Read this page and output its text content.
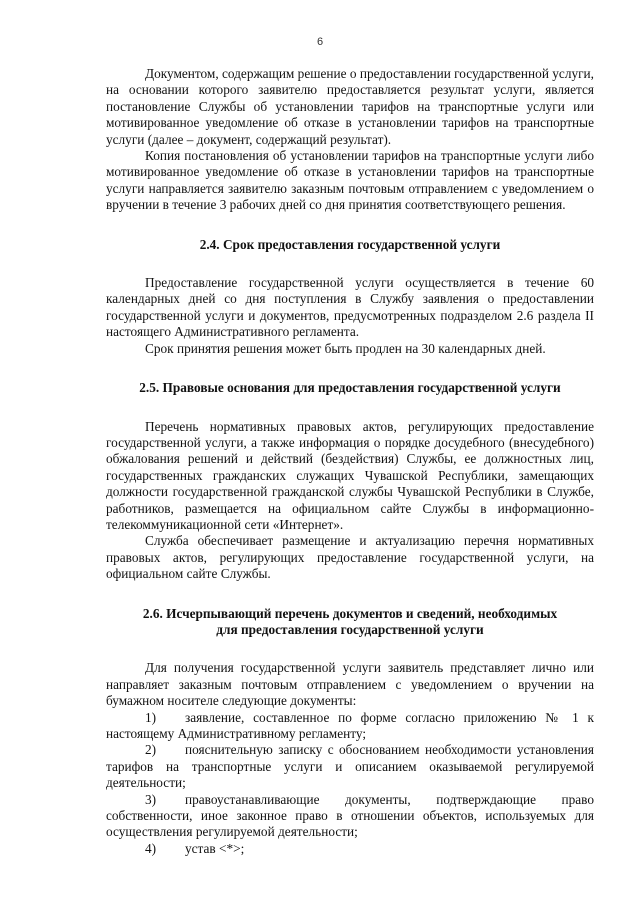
6

Документом, содержащим решение о предоставлении государственной услуги, на основании которого заявителю предоставляется результат услуги, является постановление Службы об установлении тарифов на транспортные услуги или мотивированное уведомление об отказе в установлении тарифов на транспортные услуги (далее – документ, содержащий результат).

Копия постановления об установлении тарифов на транспортные услуги либо мотивированное уведомление об отказе в установлении тарифов на транспортные услуги направляется заявителю заказным почтовым отправлением с уведомлением о вручении в течение 3 рабочих дней со дня принятия соответствующего решения.

2.4. Срок предоставления государственной услуги

Предоставление государственной услуги осуществляется в течение 60 календарных дней со дня поступления в Службу заявления о предоставлении государственной услуги и документов, предусмотренных подразделом 2.6 раздела II настоящего Административного регламента.

Срок принятия решения может быть продлен на 30 календарных дней.

2.5. Правовые основания для предоставления государственной услуги

Перечень нормативных правовых актов, регулирующих предоставление государственной услуги, а также информация о порядке досудебного (внесудебного) обжалования решений и действий (бездействия) Службы, ее должностных лиц, государственных гражданских служащих Чувашской Республики, замещающих должности государственной гражданской службы Чувашской Республики в Службе, работников, размещается на официальном сайте Службы в информационно-телекоммуникационной сети «Интернет».

Служба обеспечивает размещение и актуализацию перечня нормативных правовых актов, регулирующих предоставление государственной услуги, на официальном сайте Службы.

2.6. Исчерпывающий перечень документов и сведений, необходимых
для предоставления государственной услуги

Для получения государственной услуги заявитель представляет лично или направляет заказным почтовым отправлением с уведомлением о вручении на бумажном носителе следующие документы:

1) заявление, составленное по форме согласно приложению № 1 к настоящему Административному регламенту;

2) пояснительную записку с обоснованием необходимости установления тарифов на транспортные услуги и описанием оказываемой регулируемой деятельности;

3) правоустанавливающие документы, подтверждающие право собственности, иное законное право в отношении объектов, используемых для осуществления регулируемой деятельности;

4) устав <*>;
